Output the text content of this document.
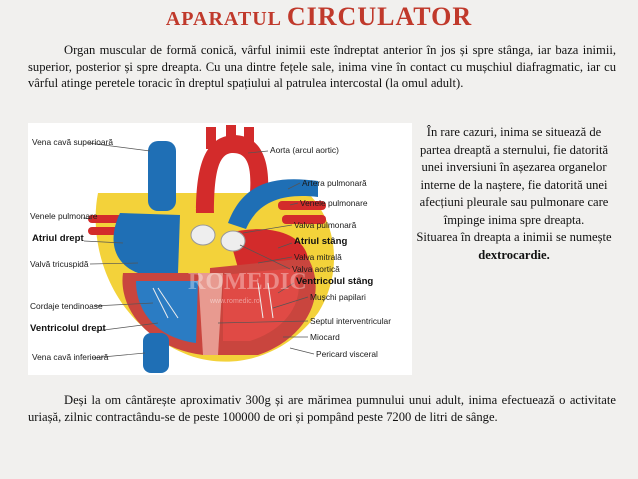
APARATUL CIRCULATOR

Organ muscular de formă conică, vârful inimii este îndreptat anterior în jos și spre stânga, iar baza inimii, superior, posterior și spre dreapta. Cu una dintre fețele sale, inima vine în contact cu mușchiul diafragmatic, iar cu vârful atinge peretele toracic în dreptul spațiului al patrulea intercostal (la omul adult).

ROMEDIC
www.romedic.ro
Vena cavă superioară
Venele pulmonare
Atriul drept
Valvă tricuspidă
Cordaje tendinoase
Ventricolul drept
Vena cavă inferioară
Aorta (arcul aortic)
Artera pulmonară
Venele pulmonare
Valva pulmonară
Atriul stâng
Valva mitrală
Valva aortică
Ventricolul stâng
Mușchi papilari
Septul interventricular
Miocard
Pericard visceral
În rare cazuri, inima se situează de partea dreaptă a sternului, fie datorită unei inversiuni în așezarea organelor interne de la naștere, fie datorită unei afecțiuni pleurale sau pulmonare care împinge inima spre dreapta.
Situarea în dreapta a inimii se numește
dextrocardie.

Deși la om cântărește aproximativ 300g și are mărimea pumnului unui adult, inima efectuează o activitate uriașă, zilnic contractându-se de peste 100000 de ori și pompând peste 7200 de litri de sânge.
